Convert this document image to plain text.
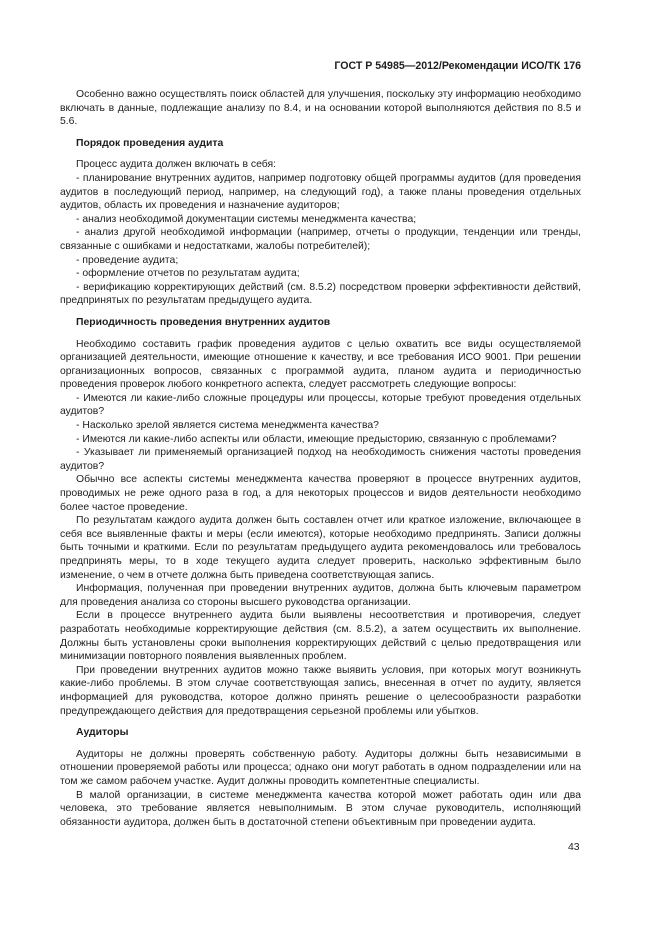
ГОСТ Р 54985—2012/Рекомендации ИСО/ТК 176

Особенно важно осуществлять поиск областей для улучшения, поскольку эту информацию необходимо включать в данные, подлежащие анализу по 8.4, и на основании которой выполняются действия по 8.5 и 5.6.

Порядок проведения аудита

Процесс аудита должен включать в себя:

- планирование внутренних аудитов, например подготовку общей программы аудитов (для проведения аудитов в последующий период, например, на следующий год), а также планы проведения отдельных аудитов, область их проведения и назначение аудиторов;

- анализ необходимой документации системы менеджмента качества;

- анализ другой необходимой информации (например, отчеты о продукции, тенденции или тренды, связанные с ошибками и недостатками, жалобы потребителей);

- проведение аудита;

- оформление отчетов по результатам аудита;

- верификацию корректирующих действий (см. 8.5.2) посредством проверки эффективности действий, предпринятых по результатам предыдущего аудита.

Периодичность проведения внутренних аудитов

Необходимо составить график проведения аудитов с целью охватить все виды осуществляемой организацией деятельности, имеющие отношение к качеству, и все требования ИСО 9001. При решении организационных вопросов, связанных с программой аудита, планом аудита и периодичностью проведения проверок любого конкретного аспекта, следует рассмотреть следующие вопросы:

- Имеются ли какие-либо сложные процедуры или процессы, которые требуют проведения отдельных аудитов?

- Насколько зрелой является система менеджмента качества?

- Имеются ли какие-либо аспекты или области, имеющие предысторию, связанную с проблемами?

- Указывает ли применяемый организацией подход на необходимость снижения частоты проведения аудитов?

Обычно все аспекты системы менеджмента качества проверяют в процессе внутренних аудитов, проводимых не реже одного раза в год, а для некоторых процессов и видов деятельности необходимо более частое проведение.

По результатам каждого аудита должен быть составлен отчет или краткое изложение, включающее в себя все выявленные факты и меры (если имеются), которые необходимо предпринять. Записи должны быть точными и краткими. Если по результатам предыдущего аудита рекомендовалось или требовалось предпринять меры, то в ходе текущего аудита следует проверить, насколько эффективным было изменение, о чем в отчете должна быть приведена соответствующая запись.

Информация, полученная при проведении внутренних аудитов, должна быть ключевым параметром для проведения анализа со стороны высшего руководства организации.

Если в процессе внутреннего аудита были выявлены несоответствия и противоречия, следует разработать необходимые корректирующие действия (см. 8.5.2), а затем осуществить их выполнение. Должны быть установлены сроки выполнения корректирующих действий с целью предотвращения или минимизации повторного появления выявленных проблем.

При проведении внутренних аудитов можно также выявить условия, при которых могут возникнуть какие-либо проблемы. В этом случае соответствующая запись, внесенная в отчет по аудиту, является информацией для руководства, которое должно принять решение о целесообразности разработки предупреждающего действия для предотвращения серьезной проблемы или убытков.

Аудиторы

Аудиторы не должны проверять собственную работу. Аудиторы должны быть независимыми в отношении проверяемой работы или процесса; однако они могут работать в одном подразделении или на том же самом рабочем участке. Аудит должны проводить компетентные специалисты.

В малой организации, в системе менеджмента качества которой может работать один или два человека, это требование является невыполнимым. В этом случае руководитель, исполняющий обязанности аудитора, должен быть в достаточной степени объективным при проведении аудита.

43
